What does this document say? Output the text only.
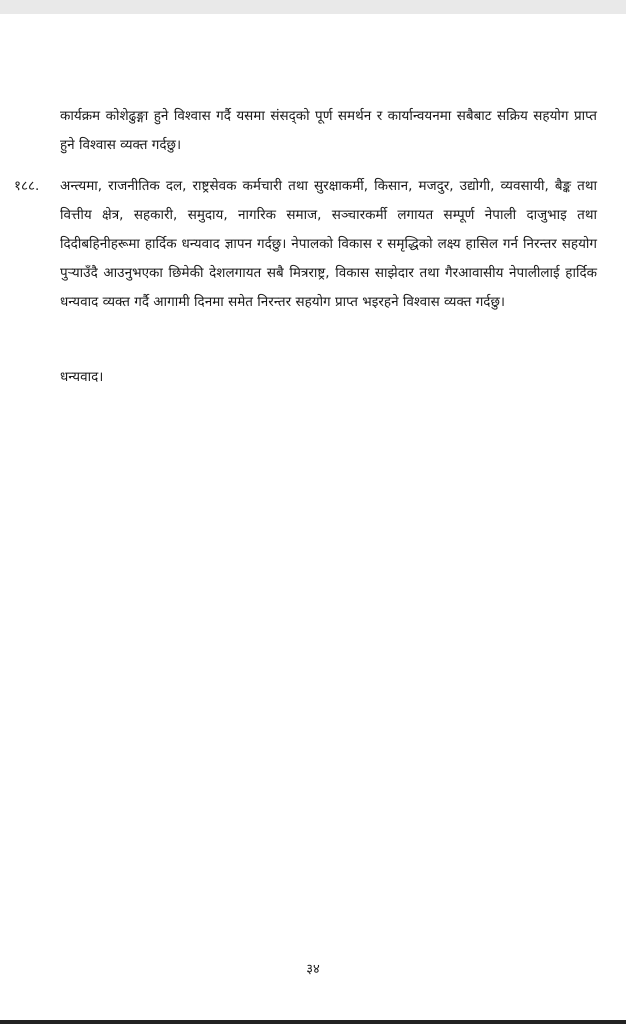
कार्यक्रम कोशेढुङ्गा हुने विश्वास गर्दै यसमा संसद्‌को पूर्ण समर्थन र कार्यान्वयनमा सबैबाट सक्रिय सहयोग प्राप्त हुने विश्वास व्यक्त गर्दछु।
१८८. अन्त्यमा, राजनीतिक दल, राष्ट्रसेवक कर्मचारी तथा सुरक्षाकर्मी, किसान, मजदुर, उद्योगी, व्यवसायी, बैङ्क तथा वित्तीय क्षेत्र, सहकारी, समुदाय, नागरिक समाज, सञ्चारकर्मी लगायत सम्पूर्ण नेपाली दाजुभाइ तथा दिदीबहिनीहरूमा हार्दिक धन्यवाद ज्ञापन गर्दछु। नेपालको विकास र समृद्धिको लक्ष्य हासिल गर्न निरन्तर सहयोग पुऱ्याउँदै आउनुभएका छिमेकी देशलगायत सबै मित्रराष्ट्र, विकास साझेदार तथा गैरआवासीय नेपालीलाई हार्दिक धन्यवाद व्यक्त गर्दै आगामी दिनमा समेत निरन्तर सहयोग प्राप्त भइरहने विश्वास व्यक्त गर्दछु।
धन्यवाद।
३४
